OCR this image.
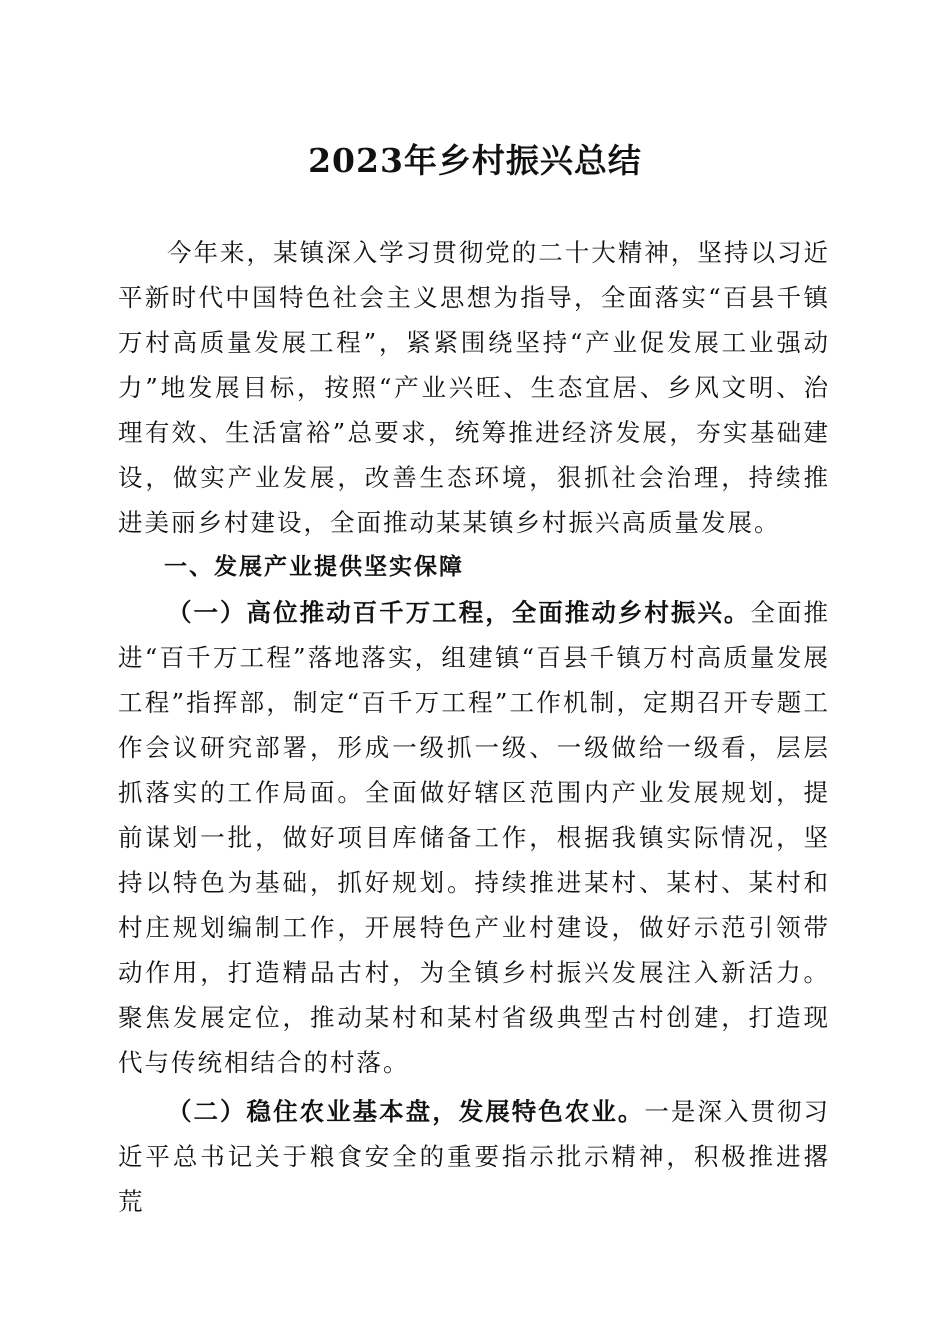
2023年乡村振兴总结

今年来，某镇深入学习贯彻党的二十大精神，坚持以习近平新时代中国特色社会主义思想为指导，全面落实“百县千镇万村高质量发展工程”，紧紧围绕坚持“产业促发展工业强动力”地发展目标，按照“产业兴旺、生态宜居、乡风文明、治理有效、生活富裕”总要求，统筹推进经济发展，夯实基础建设，做实产业发展，改善生态环境，狠抓社会治理，持续推进美丽乡村建设，全面推动某某镇乡村振兴高质量发展。

一、发展产业提供坚实保障

（一）高位推动百千万工程，全面推动乡村振兴。全面推进“百千万工程”落地落实，组建镇“百县千镇万村高质量发展工程”指挥部，制定“百千万工程”工作机制，定期召开专题工作会议研究部署，形成一级抓一级、一级做给一级看，层层抓落实的工作局面。全面做好辖区范围内产业发展规划，提前谋划一批，做好项目库储备工作，根据我镇实际情况，坚持以特色为基础，抓好规划。持续推进某村、某村、某村和村庄规划编制工作，开展特色产业村建设，做好示范引领带动作用，打造精品古村，为全镇乡村振兴发展注入新活力。聚焦发展定位，推动某村和某村省级典型古村创建，打造现代与传统相结合的村落。

（二）稳住农业基本盘，发展特色农业。一是深入贯彻习近平总书记关于粮食安全的重要指示批示精神，积极推进撂荒
